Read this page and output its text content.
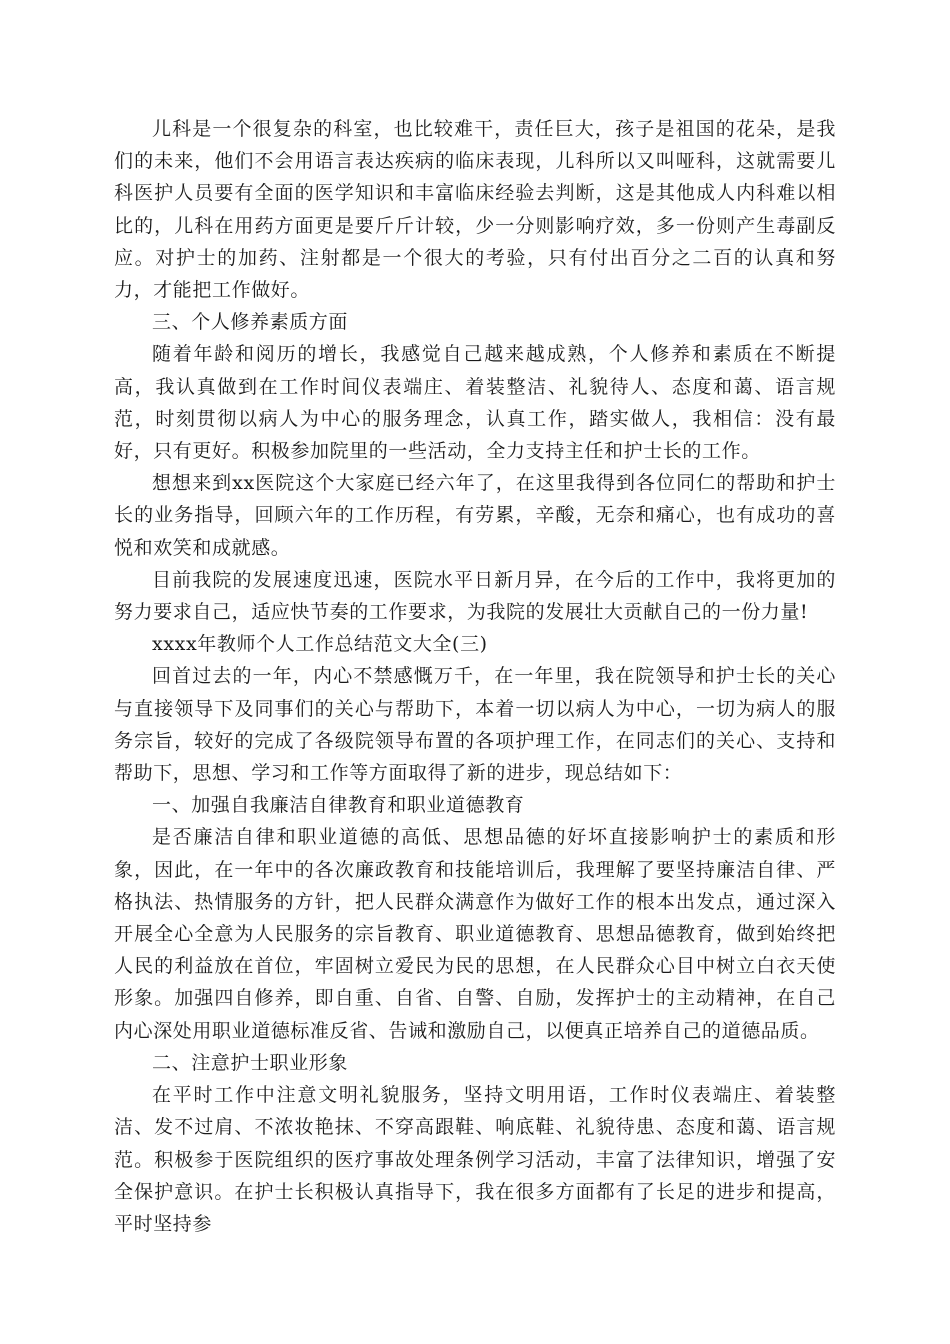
儿科是一个很复杂的科室，也比较难干，责任巨大，孩子是祖国的花朵，是我们的未来，他们不会用语言表达疾病的临床表现，儿科所以又叫哑科，这就需要儿科医护人员要有全面的医学知识和丰富临床经验去判断，这是其他成人内科难以相比的，儿科在用药方面更是要斤斤计较，少一分则影响疗效，多一份则产生毒副反应。对护士的加药、注射都是一个很大的考验，只有付出百分之二百的认真和努力，才能把工作做好。

三、个人修养素质方面

随着年龄和阅历的增长，我感觉自己越来越成熟，个人修养和素质在不断提高，我认真做到在工作时间仪表端庄、着装整洁、礼貌待人、态度和蔼、语言规范，时刻贯彻以病人为中心的服务理念，认真工作，踏实做人，我相信：没有最好，只有更好。积极参加院里的一些活动，全力支持主任和护士长的工作。

想想来到xx医院这个大家庭已经六年了，在这里我得到各位同仁的帮助和护士长的业务指导，回顾六年的工作历程，有劳累，辛酸，无奈和痛心，也有成功的喜悦和欢笑和成就感。

目前我院的发展速度迅速，医院水平日新月异，在今后的工作中，我将更加的努力要求自己，适应快节奏的工作要求，为我院的发展壮大贡献自己的一份力量!

xxxx年教师个人工作总结范文大全(三)

回首过去的一年，内心不禁感慨万千，在一年里，我在院领导和护士长的关心与直接领导下及同事们的关心与帮助下，本着一切以病人为中心，一切为病人的服务宗旨，较好的完成了各级院领导布置的各项护理工作，在同志们的关心、支持和帮助下，思想、学习和工作等方面取得了新的进步，现总结如下：

一、加强自我廉洁自律教育和职业道德教育

是否廉洁自律和职业道德的高低、思想品德的好坏直接影响护士的素质和形象，因此，在一年中的各次廉政教育和技能培训后，我理解了要坚持廉洁自律、严格执法、热情服务的方针，把人民群众满意作为做好工作的根本出发点，通过深入开展全心全意为人民服务的宗旨教育、职业道德教育、思想品德教育，做到始终把人民的利益放在首位，牢固树立爱民为民的思想，在人民群众心目中树立白衣天使形象。加强四自修养，即自重、自省、自警、自励，发挥护士的主动精神，在自己内心深处用职业道德标准反省、告诫和激励自己，以便真正培养自己的道德品质。

二、注意护士职业形象

在平时工作中注意文明礼貌服务，坚持文明用语，工作时仪表端庄、着装整洁、发不过肩、不浓妆艳抹、不穿高跟鞋、响底鞋、礼貌待患、态度和蔼、语言规范。积极参于医院组织的医疗事故处理条例学习活动，丰富了法律知识，增强了安全保护意识。在护士长积极认真指导下，我在很多方面都有了长足的进步和提高，平时坚持参
